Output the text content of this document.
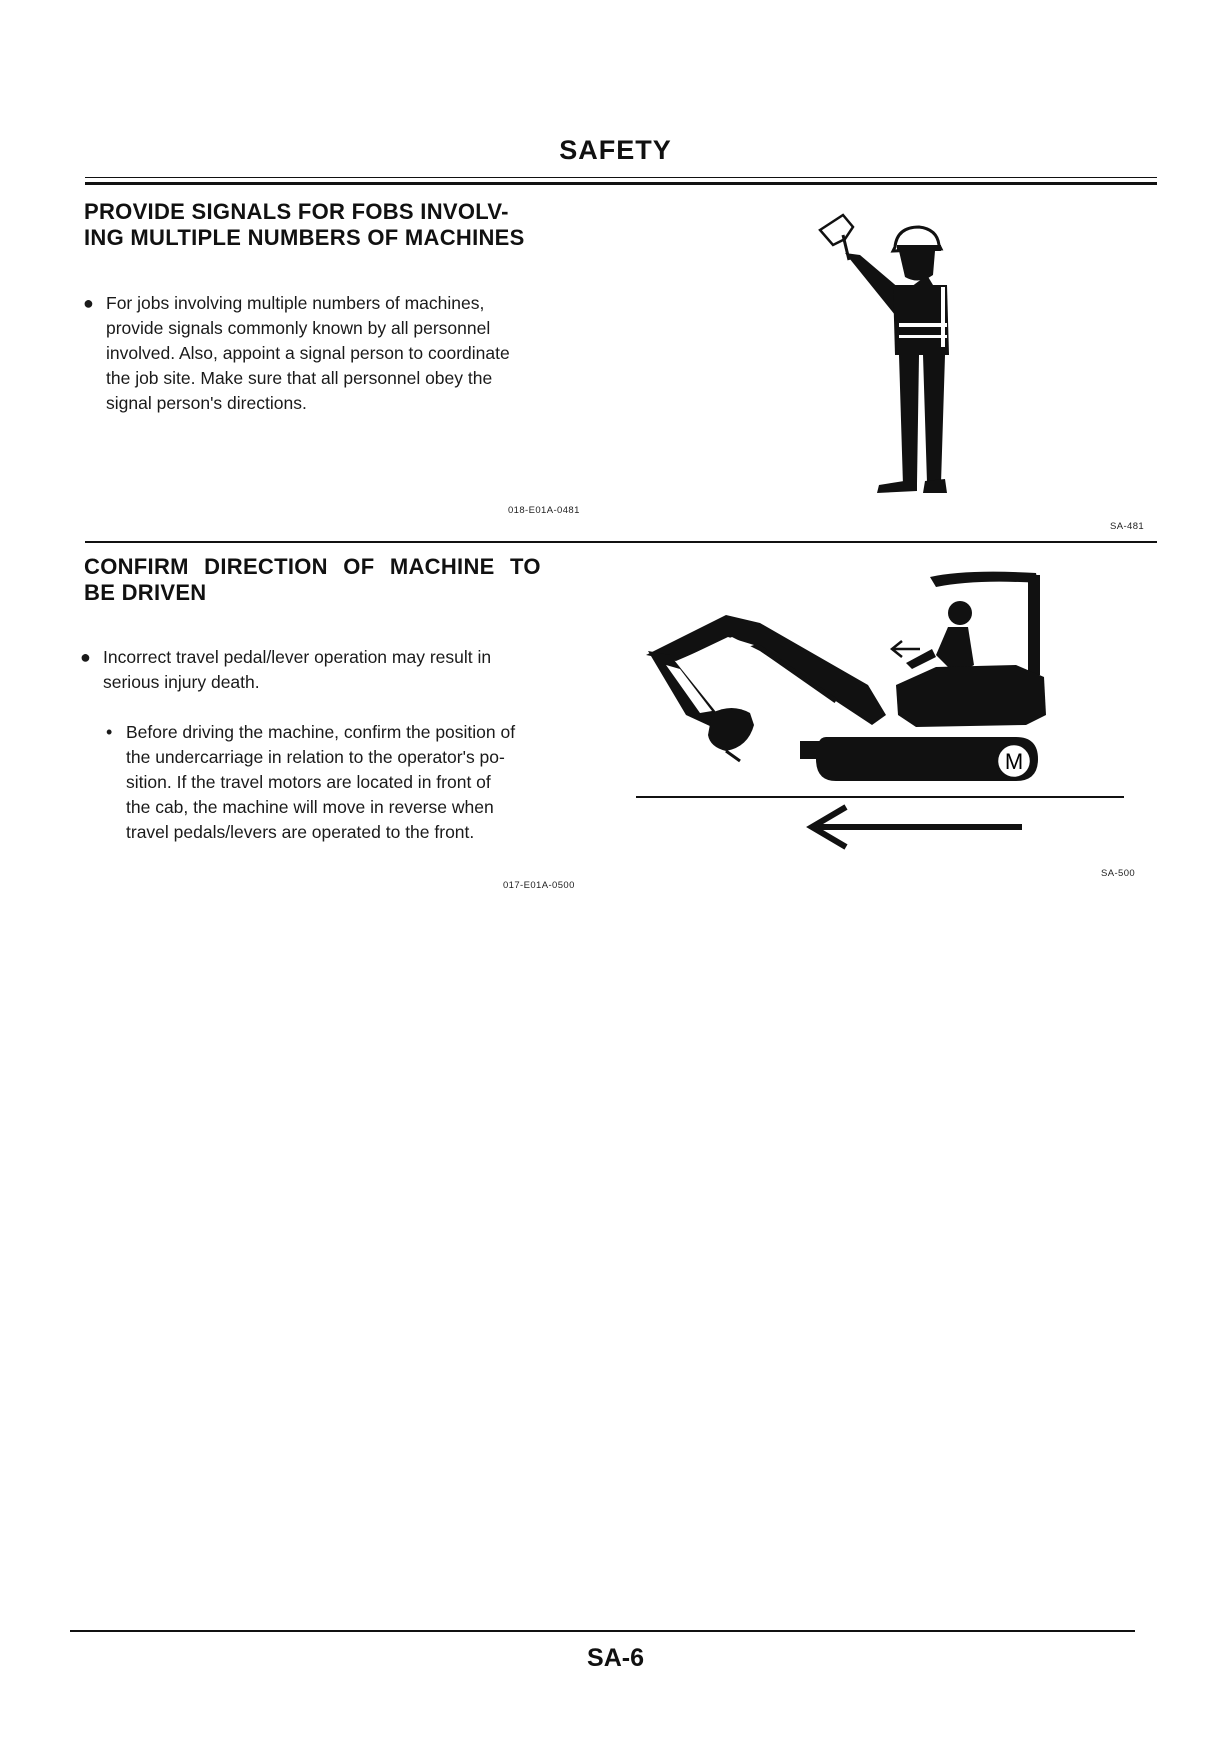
SAFETY
PROVIDE SIGNALS FOR FOBS INVOLV-
ING MULTIPLE NUMBERS OF MACHINES
● For jobs involving multiple numbers of machines,
provide signals commonly known by all personnel
involved. Also, appoint a signal person to coordinate
the job site. Make sure that all personnel obey the
signal person's directions.
018-E01A-0481
SA-481
CONFIRM DIRECTION OF MACHINE TO
BE DRIVEN
● Incorrect travel pedal/lever operation may result in
serious injury death.
• Before driving the machine, confirm the position of
the undercarriage in relation to the operator's po-
sition. If the travel motors are located in front of
the cab, the machine will move in reverse when
travel pedals/levers are operated to the front.
017-E01A-0500
M
SA-500
SA-6
